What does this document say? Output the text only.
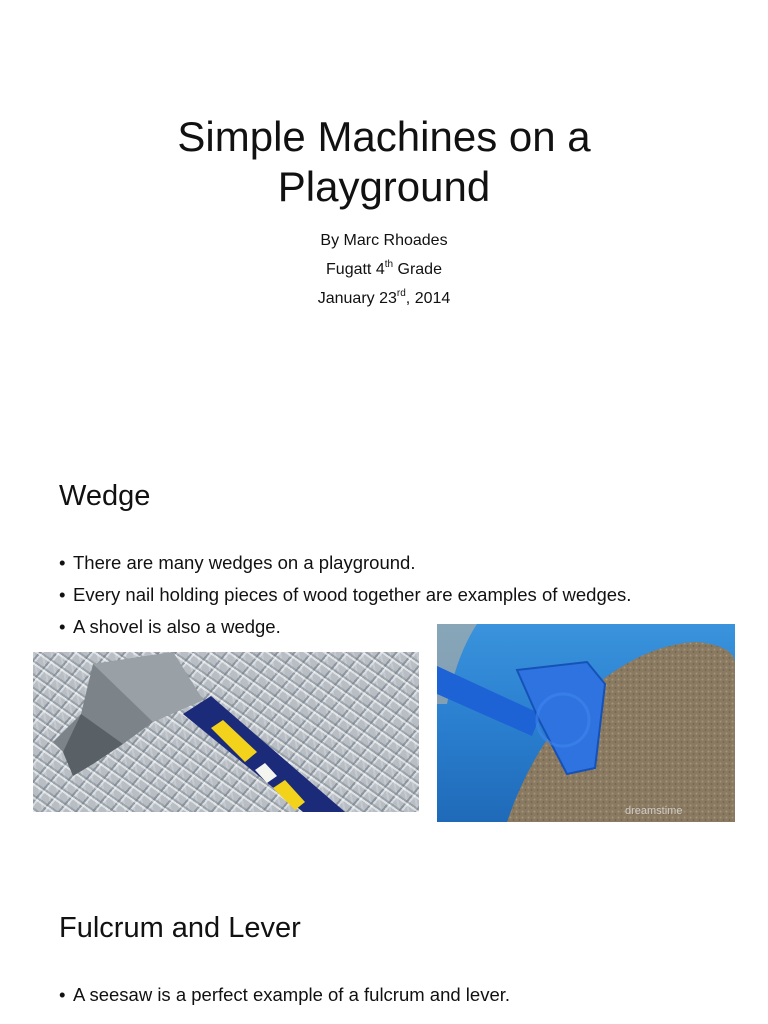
Simple Machines on a Playground
By Marc Rhoades
Fugatt 4th Grade
January 23rd, 2014
Wedge
• There are many wedges on a playground.
• Every nail holding pieces of wood together are examples of wedges.
• A shovel is also a wedge.
dreamstime
Fulcrum and Lever
• A seesaw is a perfect example of a fulcrum and lever.
